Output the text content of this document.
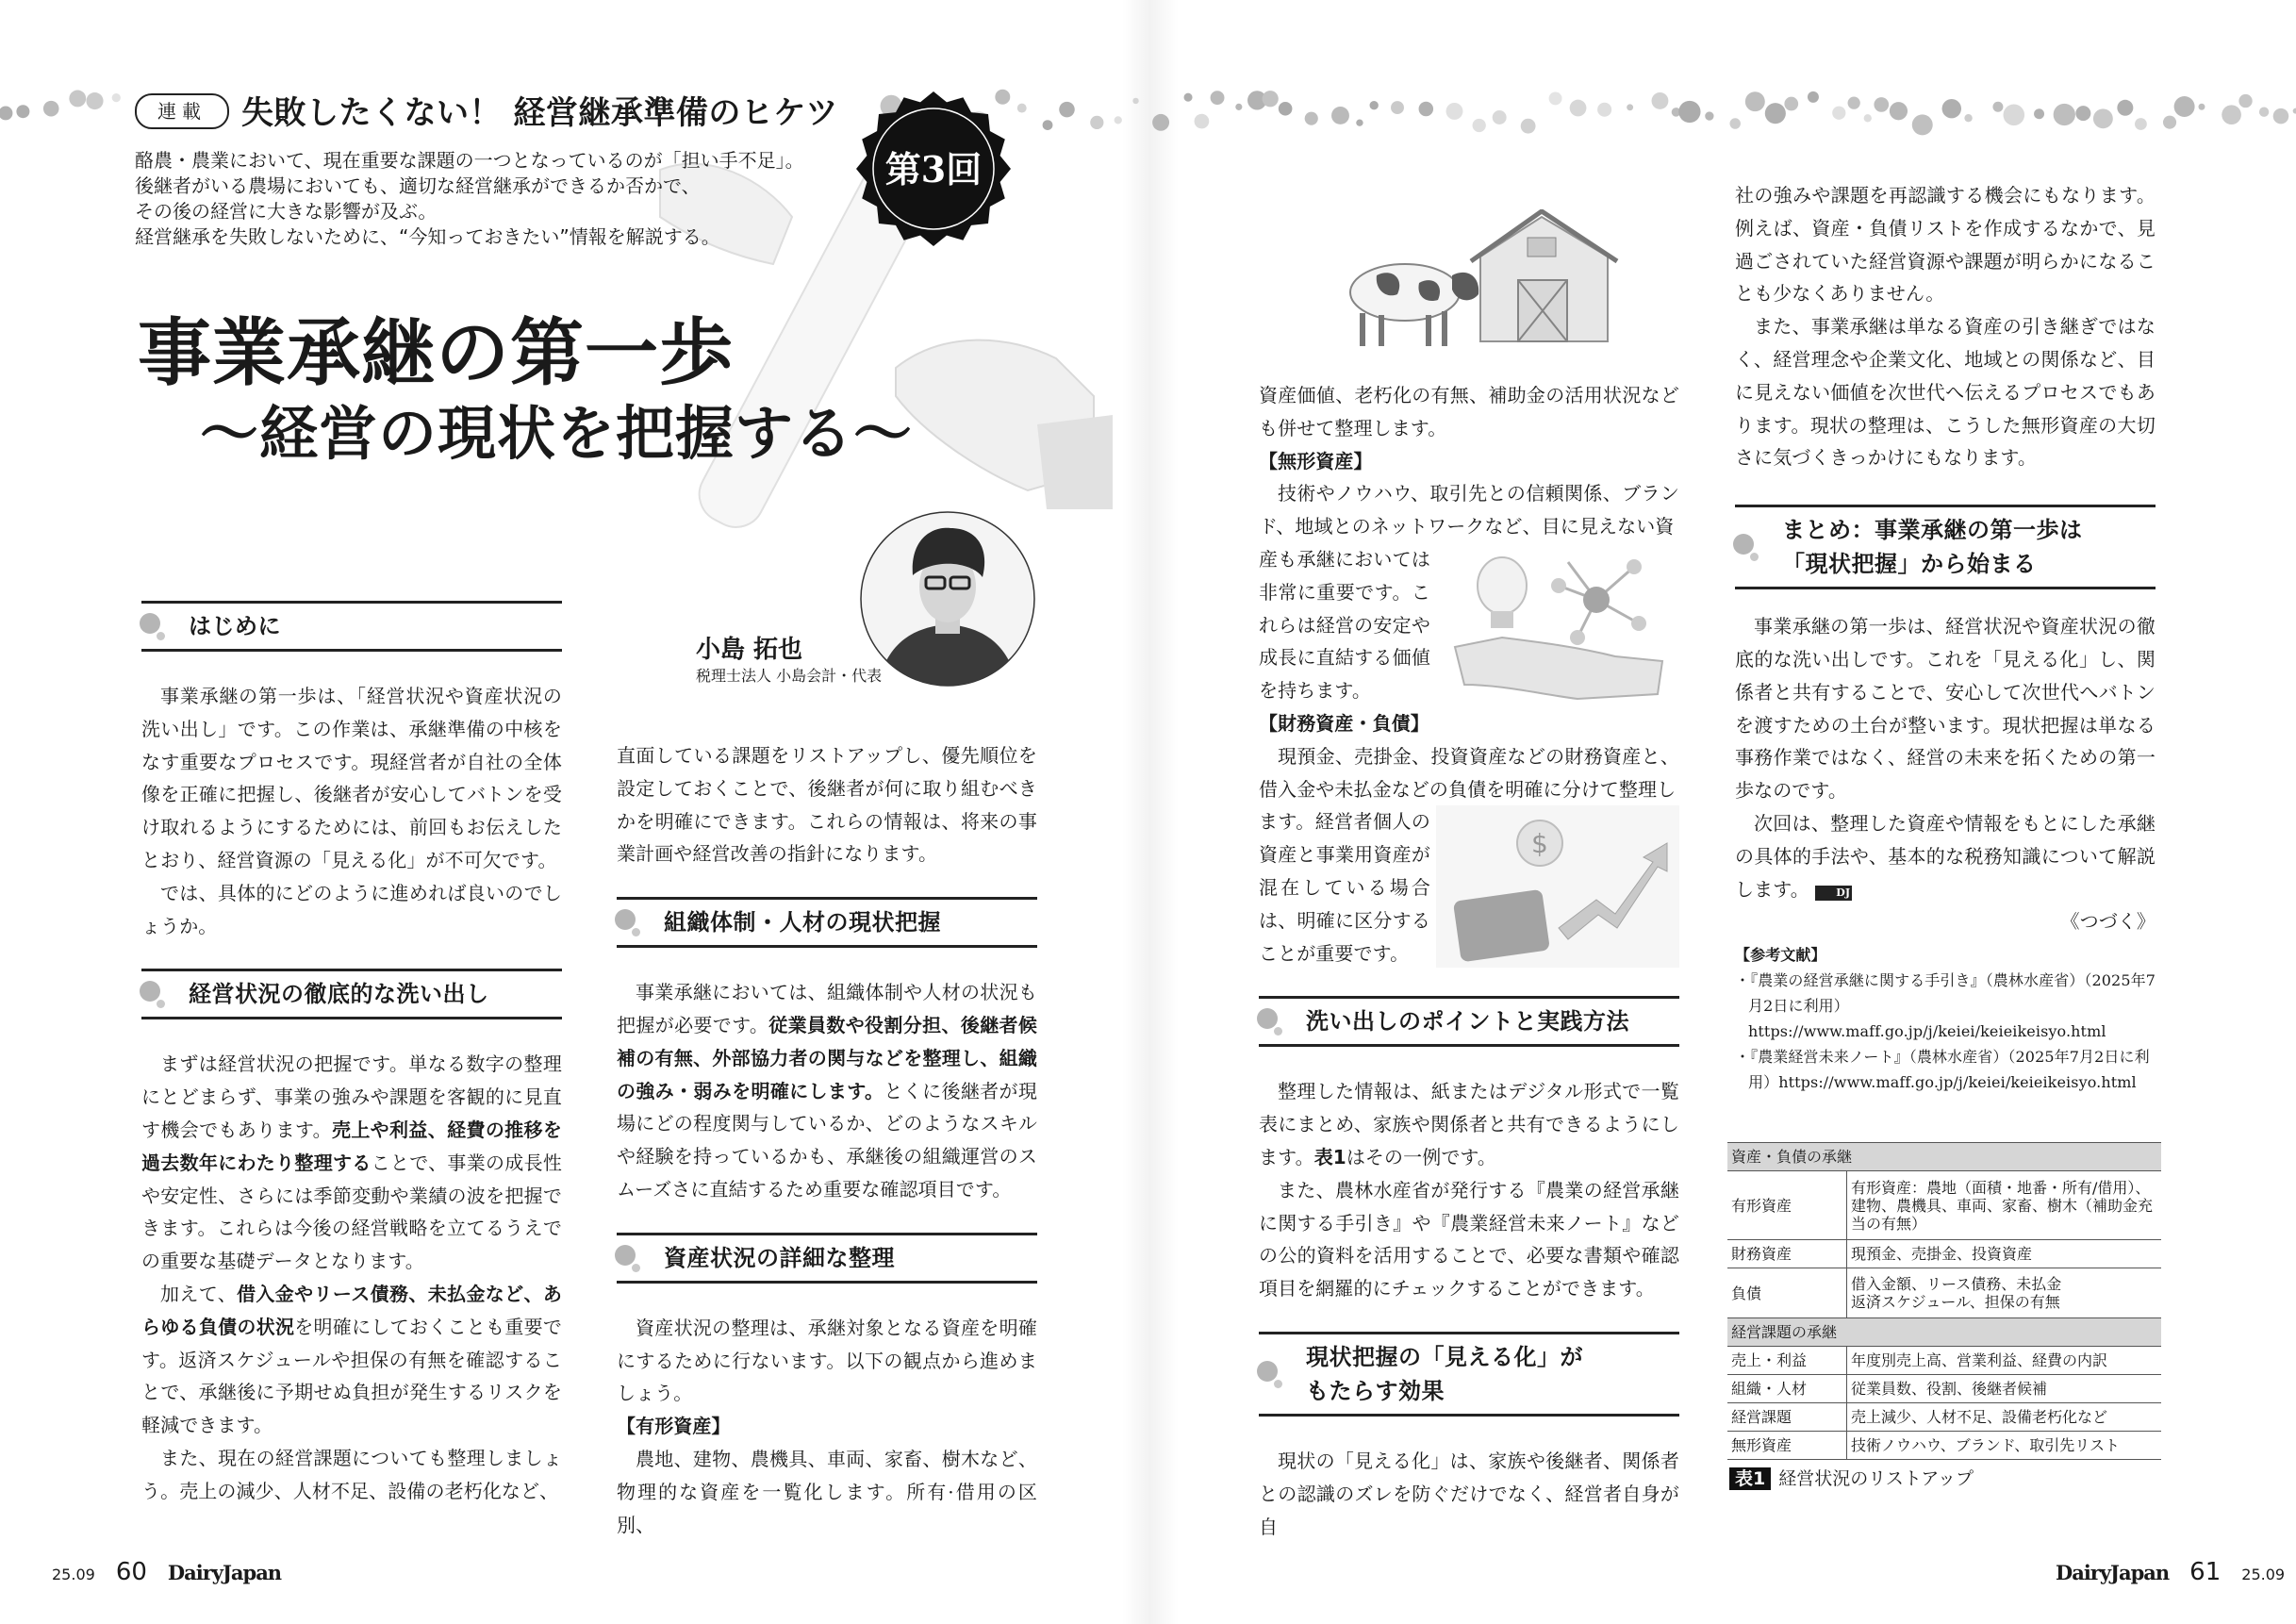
連載	失敗したくない！ 経営継承準備のヒケツ
第3回
酪農・農業において、現在重要な課題の一つとなっているのが「担い手不足」。
後継者がいる農場においても、適切な経営継承ができるか否かで、
その後の経営に大きな影響が及ぶ。
経営継承を失敗しないために、“今知っておきたい”情報を解説する。
事業承継の第一歩
〜経営の現状を把握する〜
小島 拓也
税理士法人 小島会計・代表
はじめに

事業承継の第一歩は、「経営状況や資産状況の洗い出し」です。この作業は、承継準備の中核をなす重要なプロセスです。現経営者が自社の全体像を正確に把握し、後継者が安心してバトンを受け取れるようにするためには、前回もお伝えしたとおり、経営資源の「見える化」が不可欠です。

では、具体的にどのように進めれば良いのでしょうか。

経営状況の徹底的な洗い出し

まずは経営状況の把握です。単なる数字の整理にとどまらず、事業の強みや課題を客観的に見直す機会でもあります。売上や利益、経費の推移を過去数年にわたり整理することで、事業の成長性や安定性、さらには季節変動や業績の波を把握できます。これらは今後の経営戦略を立てるうえでの重要な基礎データとなります。

加えて、借入金やリース債務、未払金など、あらゆる負債の状況を明確にしておくことも重要です。返済スケジュールや担保の有無を確認することで、承継後に予期せぬ負担が発生するリスクを軽減できます。

また、現在の経営課題についても整理しましょう。売上の減少、人材不足、設備の老朽化など、

直面している課題をリストアップし、優先順位を設定しておくことで、後継者が何に取り組むべきかを明確にできます。これらの情報は、将来の事業計画や経営改善の指針になります。

組織体制・人材の現状把握

事業承継においては、組織体制や人材の状況も把握が必要です。従業員数や役割分担、後継者候補の有無、外部協力者の関与などを整理し、組織の強み・弱みを明確にします。とくに後継者が現場にどの程度関与しているか、どのようなスキルや経験を持っているかも、承継後の組織運営のスムーズさに直結するため重要な確認項目です。

資産状況の詳細な整理

資産状況の整理は、承継対象となる資産を明確にするために行ないます。以下の観点から進めましょう。

【有形資産】

農地、建物、農機具、車両、家畜、樹木など、物理的な資産を一覧化します。所有·借用の区別、

資産価値、老朽化の有無、補助金の活用状況なども併せて整理します。

【無形資産】

技術やノウハウ、取引先との信頼関係、ブランド、地域とのネットワークなど、目に見えない資

産も承継においては非常に重要です。これらは経営の安定や成長に直結する価値を持ちます。

【財務資産・負債】

現預金、売掛金、投資資産などの財務資産と、借入金や未払金などの負債を明確に分けて整理し

$

ます。経営者個人の資産と事業用資産が混在している場合は、明確に区分することが重要です。

洗い出しのポイントと実践方法

整理した情報は、紙またはデジタル形式で一覧表にまとめ、家族や関係者と共有できるようにします。表1はその一例です。

また、農林水産省が発行する『農業の経営承継に関する手引き』や『農業経営未来ノート』などの公的資料を活用することで、必要な書類や確認項目を網羅的にチェックすることができます。

現状把握の「見える化」が
もたらす効果

現状の「見える化」は、家族や後継者、関係者との認識のズレを防ぐだけでなく、経営者自身が自

社の強みや課題を再認識する機会にもなります。例えば、資産・負債リストを作成するなかで、見過ごされていた経営資源や課題が明らかになることも少なくありません。

また、事業承継は単なる資産の引き継ぎではなく、経営理念や企業文化、地域との関係など、目に見えない価値を次世代へ伝えるプロセスでもあります。現状の整理は、こうした無形資産の大切さに気づくきっかけにもなります。

まとめ：事業承継の第一歩は
「現状把握」から始まる

事業承継の第一歩は、経営状況や資産状況の徹底的な洗い出しです。これを「見える化」し、関係者と共有することで、安心して次世代へバトンを渡すための土台が整います。現状把握は単なる事務作業ではなく、経営の未来を拓くための第一歩なのです。

次回は、整理した資産や情報をもとにした承継の具体的手法や、基本的な税務知識について解説します。	DJ

《つづく》
【参考文献】
・『農業の経営承継に関する手引き』（農林水産省）（2025年7月2日に利用）https://www.maff.go.jp/j/keiei/keieikeisyo.html
・『農業経営未来ノート』（農林水産省）（2025年7月2日に利用）https://www.maff.go.jp/j/keiei/keieikeisyo.html
資産・負債の承継	
有形資産	有形資産：農地（面積・地番・所有/借用）、建物、農機具、車両、家畜、樹木（補助金充当の有無）
財務資産	現預金、売掛金、投資資産
負債	借入金額、リース債務、未払金
返済スケジュール、担保の有無
経営課題の承継	
売上・利益	年度別売上高、営業利益、経費の内訳
組織・人材	従業員数、役割、後継者候補
経営課題	売上減少、人材不足、設備老朽化など
無形資産	技術ノウハウ、ブランド、取引先リスト
表1 経営状況のリストアップ
25.09 60 DairyJapan	DairyJapan 61 25.09
